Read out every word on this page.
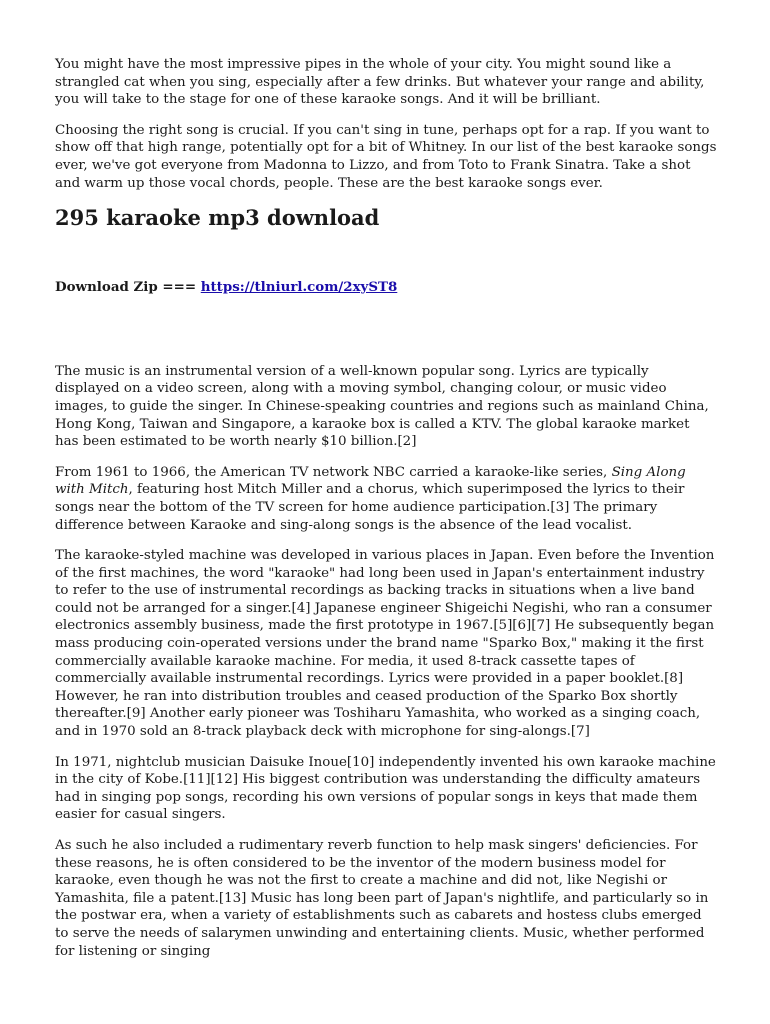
You might have the most impressive pipes in the whole of your city. You might sound like a strangled cat when you sing, especially after a few drinks. But whatever your range and ability, you will take to the stage for one of these karaoke songs. And it will be brilliant.

Choosing the right song is crucial. If you can't sing in tune, perhaps opt for a rap. If you want to show off that high range, potentially opt for a bit of Whitney. In our list of the best karaoke songs ever, we've got everyone from Madonna to Lizzo, and from Toto to Frank Sinatra. Take a shot and warm up those vocal chords, people. These are the best karaoke songs ever.

295 karaoke mp3 download
Download Zip === https://tlniurl.com/2xyST8

The music is an instrumental version of a well-known popular song. Lyrics are typically displayed on a video screen, along with a moving symbol, changing colour, or music video images, to guide the singer. In Chinese-speaking countries and regions such as mainland China, Hong Kong, Taiwan and Singapore, a karaoke box is called a KTV. The global karaoke market has been estimated to be worth nearly $10 billion.[2]

From 1961 to 1966, the American TV network NBC carried a karaoke-like series, Sing Along with Mitch, featuring host Mitch Miller and a chorus, which superimposed the lyrics to their songs near the bottom of the TV screen for home audience participation.[3] The primary difference between Karaoke and sing-along songs is the absence of the lead vocalist.

The karaoke-styled machine was developed in various places in Japan. Even before the Invention of the first machines, the word "karaoke" had long been used in Japan's entertainment industry to refer to the use of instrumental recordings as backing tracks in situations when a live band could not be arranged for a singer.[4] Japanese engineer Shigeichi Negishi, who ran a consumer electronics assembly business, made the first prototype in 1967.[5][6][7] He subsequently began mass producing coin-operated versions under the brand name "Sparko Box," making it the first commercially available karaoke machine. For media, it used 8-track cassette tapes of commercially available instrumental recordings. Lyrics were provided in a paper booklet.[8] However, he ran into distribution troubles and ceased production of the Sparko Box shortly thereafter.[9] Another early pioneer was Toshiharu Yamashita, who worked as a singing coach, and in 1970 sold an 8-track playback deck with microphone for sing-alongs.[7]

In 1971, nightclub musician Daisuke Inoue[10] independently invented his own karaoke machine in the city of Kobe.[11][12] His biggest contribution was understanding the difficulty amateurs had in singing pop songs, recording his own versions of popular songs in keys that made them easier for casual singers.

As such he also included a rudimentary reverb function to help mask singers' deficiencies. For these reasons, he is often considered to be the inventor of the modern business model for karaoke, even though he was not the first to create a machine and did not, like Negishi or Yamashita, file a patent.[13] Music has long been part of Japan's nightlife, and particularly so in the postwar era, when a variety of establishments such as cabarets and hostess clubs emerged to serve the needs of salarymen unwinding and entertaining clients. Music, whether performed for listening or singing
